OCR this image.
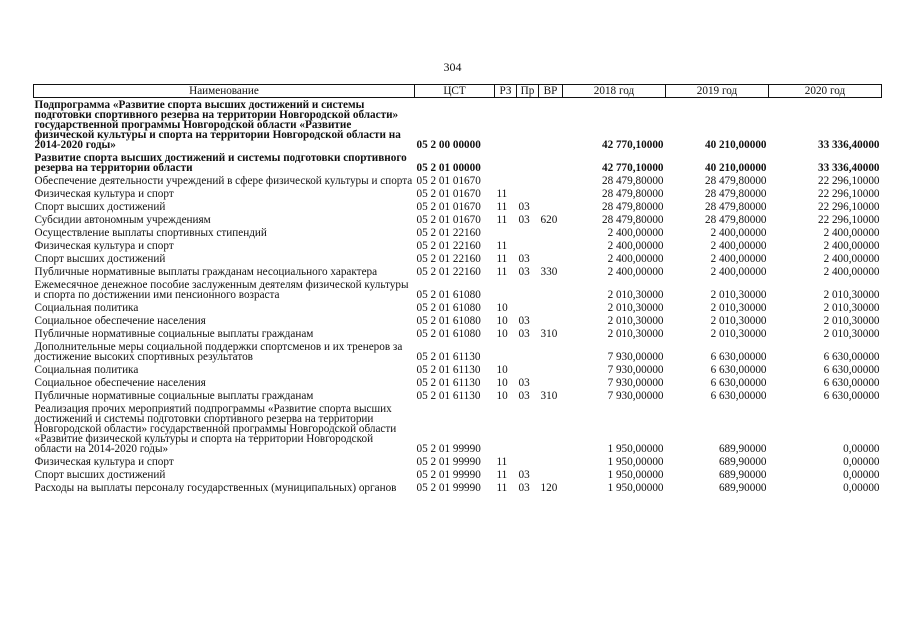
304
Наименование	ЦСТ	РЗ	Пр	ВР	2018 год	2019 год	2020 год
Подпрограмма «Развитие спорта высших достижений и системы подготовки спортивного резерва на территории Новгородской области» государственной программы Новгородской области «Развитие физической культуры и спорта на территории Новгородской области на 2014-2020 годы»	05 2 00 00000				42 770,10000	40 210,00000	33 336,40000
Развитие спорта высших достижений и системы подготовки спортивного резерва на территории области	05 2 01 00000				42 770,10000	40 210,00000	33 336,40000
Обеспечение деятельности учреждений в сфере физической культуры и спорта	05 2 01 01670				28 479,80000	28 479,80000	22 296,10000
Физическая культура и спорт	05 2 01 01670	11			28 479,80000	28 479,80000	22 296,10000
Спорт высших достижений	05 2 01 01670	11	03		28 479,80000	28 479,80000	22 296,10000
Субсидии автономным учреждениям	05 2 01 01670	11	03	620	28 479,80000	28 479,80000	22 296,10000
Осуществление выплаты спортивных стипендий	05 2 01 22160				2 400,00000	2 400,00000	2 400,00000
Физическая культура и спорт	05 2 01 22160	11			2 400,00000	2 400,00000	2 400,00000
Спорт высших достижений	05 2 01 22160	11	03		2 400,00000	2 400,00000	2 400,00000
Публичные нормативные выплаты гражданам несоциального характера	05 2 01 22160	11	03	330	2 400,00000	2 400,00000	2 400,00000
Ежемесячное денежное пособие заслуженным деятелям физической культуры и спорта по достижении ими пенсионного возраста	05 2 01 61080				2 010,30000	2 010,30000	2 010,30000
Социальная политика	05 2 01 61080	10			2 010,30000	2 010,30000	2 010,30000
Социальное обеспечение населения	05 2 01 61080	10	03		2 010,30000	2 010,30000	2 010,30000
Публичные нормативные социальные выплаты гражданам	05 2 01 61080	10	03	310	2 010,30000	2 010,30000	2 010,30000
Дополнительные меры социальной поддержки спортсменов и их тренеров за достижение высоких спортивных результатов	05 2 01 61130				7 930,00000	6 630,00000	6 630,00000
Социальная политика	05 2 01 61130	10			7 930,00000	6 630,00000	6 630,00000
Социальное обеспечение населения	05 2 01 61130	10	03		7 930,00000	6 630,00000	6 630,00000
Публичные нормативные социальные выплаты гражданам	05 2 01 61130	10	03	310	7 930,00000	6 630,00000	6 630,00000
Реализация прочих мероприятий подпрограммы «Развитие спорта высших достижений и системы подготовки спортивного резерва на территории Новгородской области» государственной программы Новгородской области «Развитие физической культуры и спорта на территории Новгородской области на 2014-2020 годы»	05 2 01 99990				1 950,00000	689,90000	0,00000
Физическая культура и спорт	05 2 01 99990	11			1 950,00000	689,90000	0,00000
Спорт высших достижений	05 2 01 99990	11	03		1 950,00000	689,90000	0,00000
Расходы на выплаты персоналу государственных (муниципальных) органов	05 2 01 99990	11	03	120	1 950,00000	689,90000	0,00000
